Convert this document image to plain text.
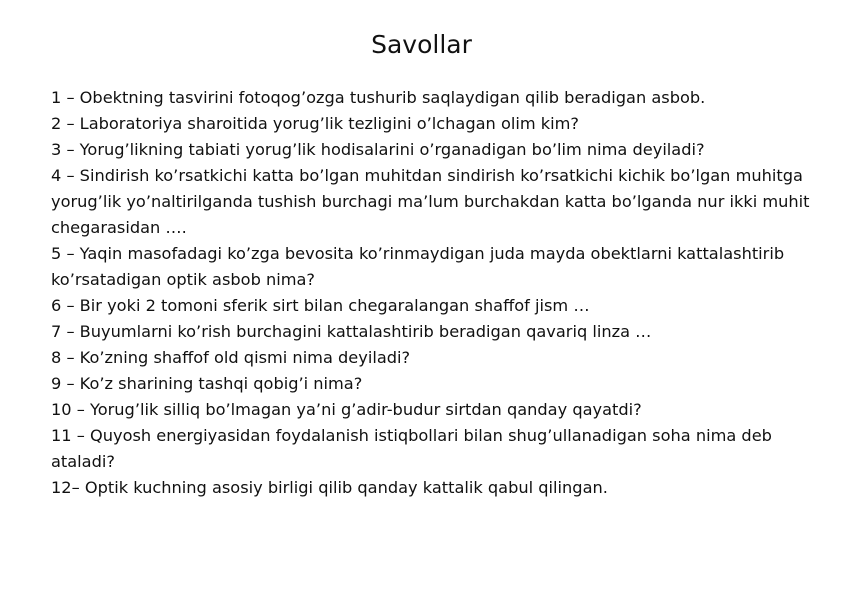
Savollar
1 – Obektning tasvirini fotoqog’ozga tushurib saqlaydigan qilib beradigan asbob.
2 – Laboratoriya sharoitida yorug’lik tezligini o’lchagan olim kim?
3 – Yorug’likning tabiati yorug’lik hodisalarini o’rganadigan bo’lim nima deyiladi?
4 – Sindirish ko’rsatkichi katta bo’lgan muhitdan sindirish ko’rsatkichi kichik bo’lgan muhitga yorug’lik yo’naltirilganda tushish burchagi ma’lum burchakdan katta bo’lganda nur ikki muhit chegarasidan ….
5 – Yaqin masofadagi ko’zga bevosita ko’rinmaydigan juda mayda obektlarni kattalashtirib ko’rsatadigan optik asbob nima?
6 – Bir yoki 2 tomoni sferik sirt bilan chegaralangan shaffof jism …
7 – Buyumlarni ko’rish burchagini kattalashtirib beradigan qavariq linza …
8 – Ko’zning shaffof old qismi nima deyiladi?
9 – Ko’z sharining tashqi qobig’i nima?
10 – Yorug’lik silliq bo’lmagan ya’ni g’adir-budur sirtdan qanday qayatdi?
11 – Quyosh energiyasidan foydalanish istiqbollari bilan shug’ullanadigan soha nima deb ataladi?
12– Optik kuchning asosiy birligi qilib qanday kattalik qabul qilingan.
